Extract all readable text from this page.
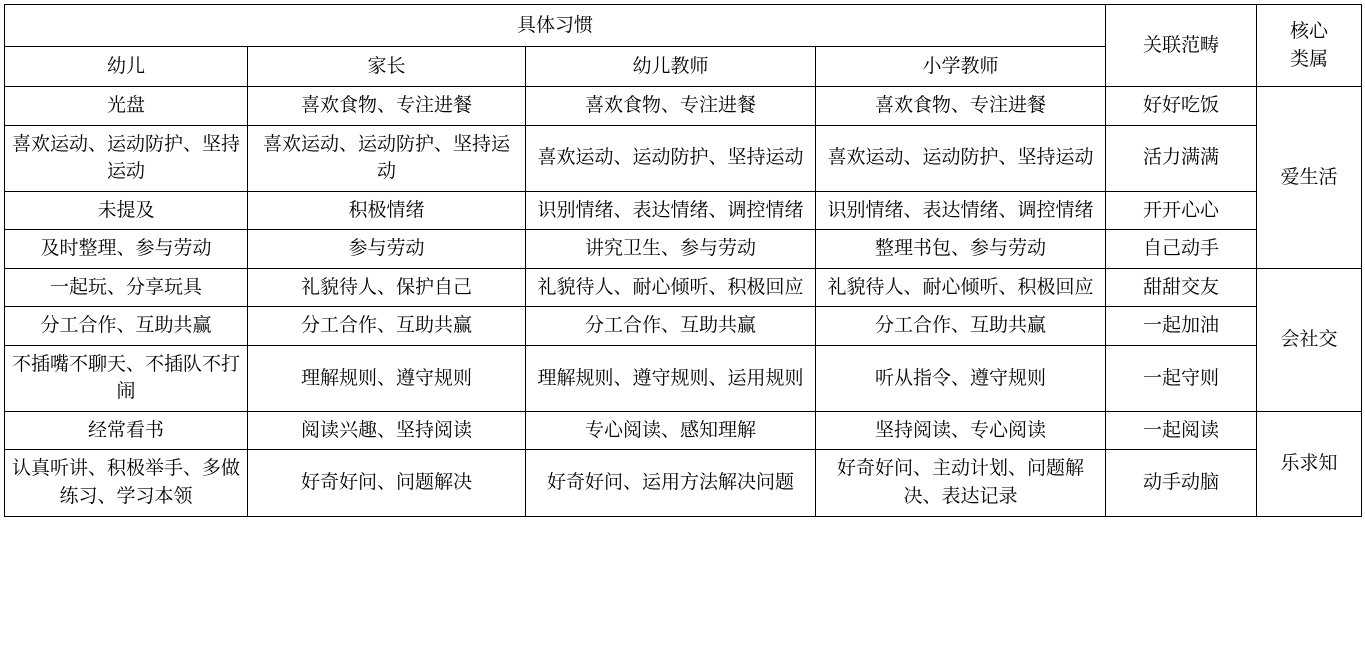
具体习惯				关联范畴	核心
类属
幼儿	家长	幼儿教师	小学教师		
光盘	喜欢食物、专注进餐	喜欢食物、专注进餐	喜欢食物、专注进餐	好好吃饭	爱生活
喜欢运动、运动防护、坚持运动	喜欢运动、运动防护、坚持运动	喜欢运动、运动防护、坚持运动	喜欢运动、运动防护、坚持运动	活力满满	
未提及	积极情绪	识别情绪、表达情绪、调控情绪	识别情绪、表达情绪、调控情绪	开开心心	
及时整理、参与劳动	参与劳动	讲究卫生、参与劳动	整理书包、参与劳动	自己动手	
一起玩、分享玩具	礼貌待人、保护自己	礼貌待人、耐心倾听、积极回应	礼貌待人、耐心倾听、积极回应	甜甜交友	会社交
分工合作、互助共赢	分工合作、互助共赢	分工合作、互助共赢	分工合作、互助共赢	一起加油	
不插嘴不聊天、不插队不打闹	理解规则、遵守规则	理解规则、遵守规则、运用规则	听从指令、遵守规则	一起守则	
经常看书	阅读兴趣、坚持阅读	专心阅读、感知理解	坚持阅读、专心阅读	一起阅读	乐求知
认真听讲、积极举手、多做练习、学习本领	好奇好问、问题解决	好奇好问、运用方法解决问题	好奇好问、主动计划、问题解决、表达记录	动手动脑	
